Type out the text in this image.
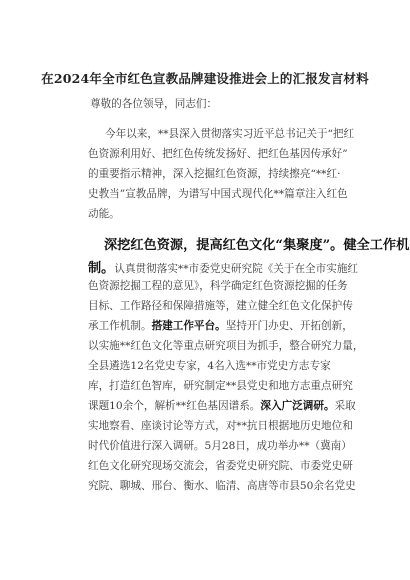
在2024年全市红色宣教品牌建设推进会上的汇报发言材料
尊敬的各位领导，同志们：
今年以来，**县深入贯彻落实习近平总书记关于“把红
色资源利用好、把红色传统发扬好、把红色基因传承好”
的重要指示精神，深入挖掘红色资源，持续擦亮“**红·
史教当”宣教品牌，为谱写中国式现代化**篇章注入红色
动能。
深挖红色资源，提高红色文化“集聚度”。健全工作机
制。认真贯彻落实**市委党史研究院《关于在全市实施红
色资源挖掘工程的意见》，科学确定红色资源挖掘的任务
目标、工作路径和保障措施等，建立健全红色文化保护传
承工作机制。搭建工作平台。坚持开门办史、开拓创新，
以实施**红色文化等重点研究项目为抓手，整合研究力量，
全县遴选12名党史专家，4名入选**市党史方志专家
库，打造红色智库，研究制定**县党史和地方志重点研究
课题10余个，解析**红色基因谱系。深入广泛调研。采取
实地察看、座谈讨论等方式，对**抗日根据地历史地位和
时代价值进行深入调研。5月28日，成功举办**（冀南）
红色文化研究现场交流会，省委党史研究院、市委党史研
究院、聊城、邢台、衡水、临清、高唐等市县50余名党史
